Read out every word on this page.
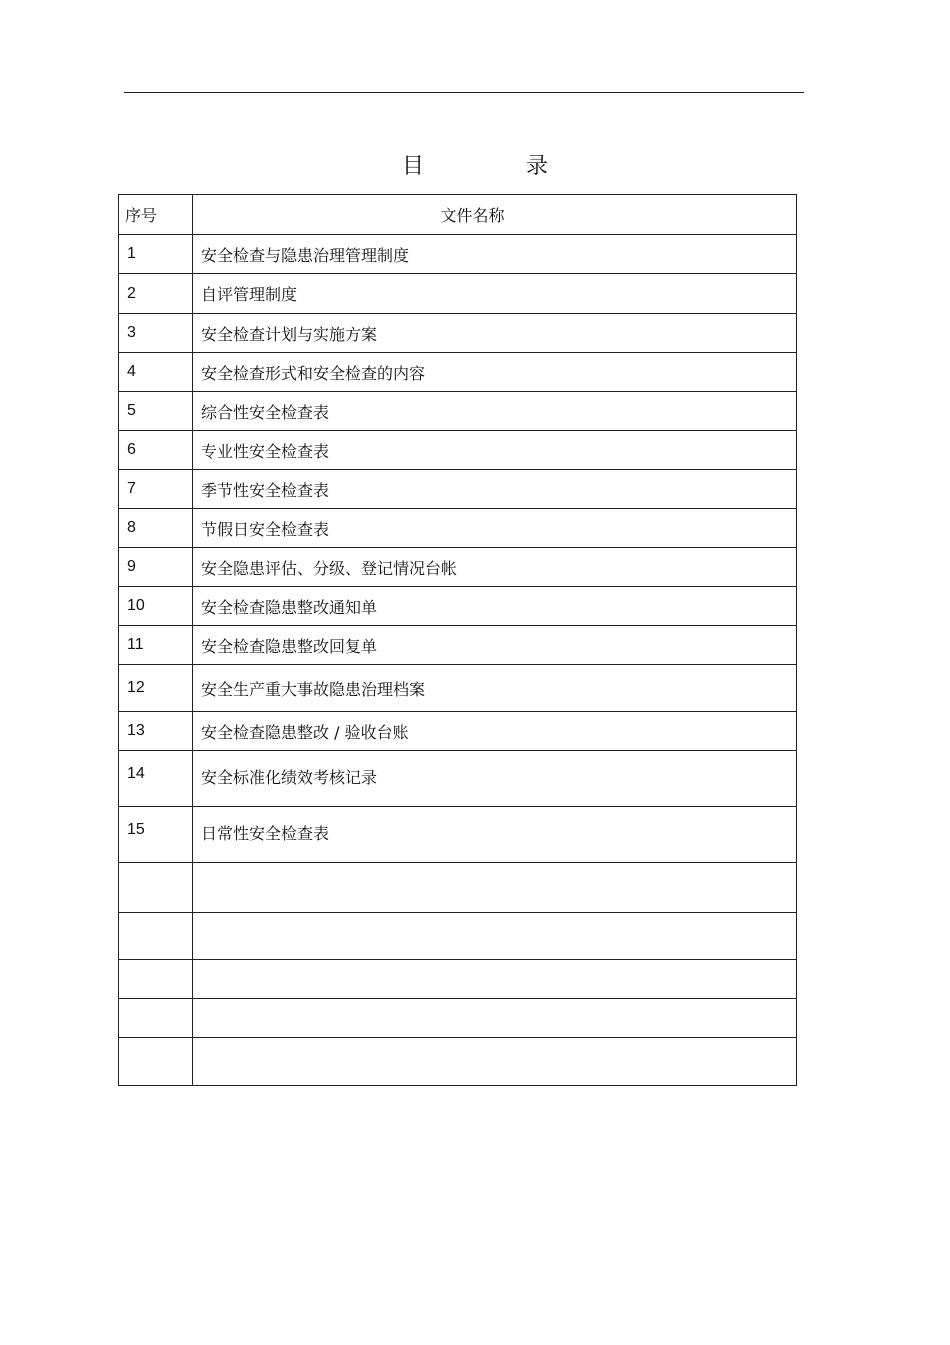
目　录
序号	文件名称
1	安全检查与隐患治理管理制度
2	自评管理制度
3	安全检查计划与实施方案
4	安全检查形式和安全检查的内容
5	综合性安全检查表
6	专业性安全检查表
7	季节性安全检查表
8	节假日安全检查表
9	安全隐患评估、分级、登记情况台帐
10	安全检查隐患整改通知单
11	安全检查隐患整改回复单
12	安全生产重大事故隐患治理档案
13	安全检查隐患整改 / 验收台账
14	安全标准化绩效考核记录
15	日常性安全检查表
